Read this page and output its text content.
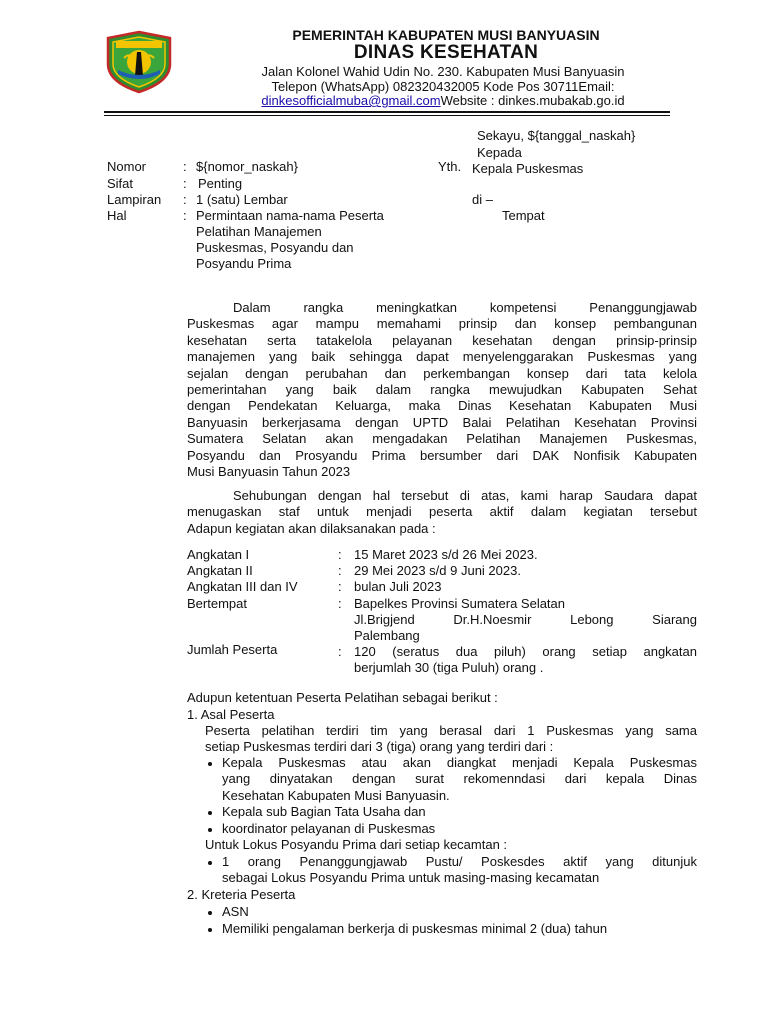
PEMERINTAH KABUPATEN MUSI BANYUASIN
DINAS KESEHATAN
Jalan Kolonel Wahid Udin No. 230. Kabupaten Musi Banyuasin
Telepon (WhatsApp) 082320432005 Kode Pos 30711Email:
dinkesofficialmuba@gmail.comWebsite : dinkes.mubakab.go.id
Sekayu, ${tanggal_naskah}
Kepada
Yth. Kepala Puskesmas
di –
Tempat
Nomor	: ${nomor_naskah}
Sifat	: Penting
Lampiran : 1 (satu) Lembar
Hal	: Permintaan nama-nama Peserta
Pelatihan Manajemen
Puskesmas, Posyandu dan
Posyandu Prima
Dalam rangka meningkatkan kompetensi Penanggungjawab
Puskesmas agar mampu memahami prinsip dan konsep pembangunan
kesehatan serta tatakelola pelayanan kesehatan dengan prinsip-prinsip
manajemen yang baik sehingga dapat menyelenggarakan Puskesmas yang
sejalan dengan perubahan dan perkembangan konsep dari tata kelola
pemerintahan yang baik dalam rangka mewujudkan Kabupaten Sehat
dengan Pendekatan Keluarga, maka Dinas Kesehatan Kabupaten Musi
Banyuasin berkerjasama dengan UPTD Balai Pelatihan Kesehatan Provinsi
Sumatera Selatan akan mengadakan Pelatihan Manajemen Puskesmas,
Posyandu dan Prosyandu Prima bersumber dari DAK Nonfisik Kabupaten
Musi Banyuasin Tahun 2023
Sehubungan dengan hal tersebut di atas, kami harap Saudara dapat
menugaskan staf untuk menjadi peserta aktif dalam kegiatan tersebut
Adapun kegiatan akan dilaksanakan pada :
Angkatan I	: 15 Maret 2023 s/d 26 Mei 2023.
Angkatan II	: 29 Mei 2023 s/d 9 Juni 2023.
Angkatan III dan IV	: bulan Juli 2023
Bertempat	: Bapelkes Provinsi Sumatera Selatan
Jl.Brigjend Dr.H.Noesmir Lebong Siarang
Palembang
Jumlah Peserta	: 120 (seratus dua piluh) orang setiap angkatan
berjumlah 30 (tiga Puluh) orang .
Adupun ketentuan Peserta Pelatihan sebagai berikut :
1. Asal Peserta
Peserta pelatihan terdiri tim yang berasal dari 1 Puskesmas yang sama
setiap Puskesmas terdiri dari 3 (tiga) orang yang terdiri dari :
Kepala Puskesmas atau akan diangkat menjadi Kepala Puskesmas
yang dinyatakan dengan surat rekomenndasi dari kepala Dinas
Kesehatan Kabupaten Musi Banyuasin.
Kepala sub Bagian Tata Usaha dan
koordinator pelayanan di Puskesmas
Untuk Lokus Posyandu Prima dari setiap kecamtan :
1 orang Penanggungjawab Pustu/ Poskesdes aktif yang ditunjuk
sebagai Lokus Posyandu Prima untuk masing-masing kecamatan
2. Kreteria Peserta
ASN
Memiliki pengalaman berkerja di puskesmas minimal 2 (dua) tahun
